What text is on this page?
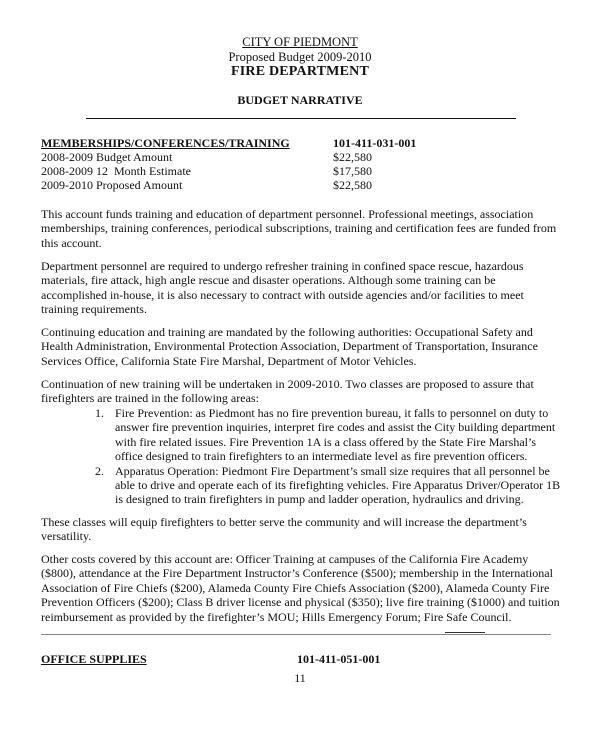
CITY OF PIEDMONT
Proposed Budget 2009-2010
FIRE DEPARTMENT
BUDGET NARRATIVE
MEMBERSHIPS/CONFERENCES/TRAINING	101-411-031-001
2008-2009 Budget Amount	$22,580
2008-2009 12  Month Estimate	$17,580
2009-2010 Proposed Amount	$22,580
This account funds training and education of department personnel. Professional meetings, association memberships, training conferences, periodical subscriptions, training and certification fees are funded from this account.
Department personnel are required to undergo refresher training in confined space rescue, hazardous materials, fire attack, high angle rescue and disaster operations. Although some training can be accomplished in-house, it is also necessary to contract with outside agencies and/or facilities to meet training requirements.
Continuing education and training are mandated by the following authorities: Occupational Safety and Health Administration, Environmental Protection Association, Department of Transportation, Insurance Services Office, California State Fire Marshal, Department of Motor Vehicles.
Continuation of new training will be undertaken in 2009-2010. Two classes are proposed to assure that firefighters are trained in the following areas:
1. Fire Prevention: as Piedmont has no fire prevention bureau, it falls to personnel on duty to answer fire prevention inquiries, interpret fire codes and assist the City building department with fire related issues. Fire Prevention 1A is a class offered by the State Fire Marshal’s office designed to train firefighters to an intermediate level as fire prevention officers.
2. Apparatus Operation: Piedmont Fire Department’s small size requires that all personnel be able to drive and operate each of its firefighting vehicles. Fire Apparatus Driver/Operator 1B is designed to train firefighters in pump and ladder operation, hydraulics and driving.
These classes will equip firefighters to better serve the community and will increase the department’s versatility.
Other costs covered by this account are: Officer Training at campuses of the California Fire Academy ($800), attendance at the Fire Department Instructor’s Conference ($500); membership in the International Association of Fire Chiefs ($200), Alameda County Fire Chiefs Association ($200), Alameda County Fire Prevention Officers ($200); Class B driver license and physical ($350); live fire training ($1000) and tuition reimbursement as provided by the firefighter’s MOU; Hills Emergency Forum; Fire Safe Council.
OFFICE SUPPLIES	101-411-051-001
11
